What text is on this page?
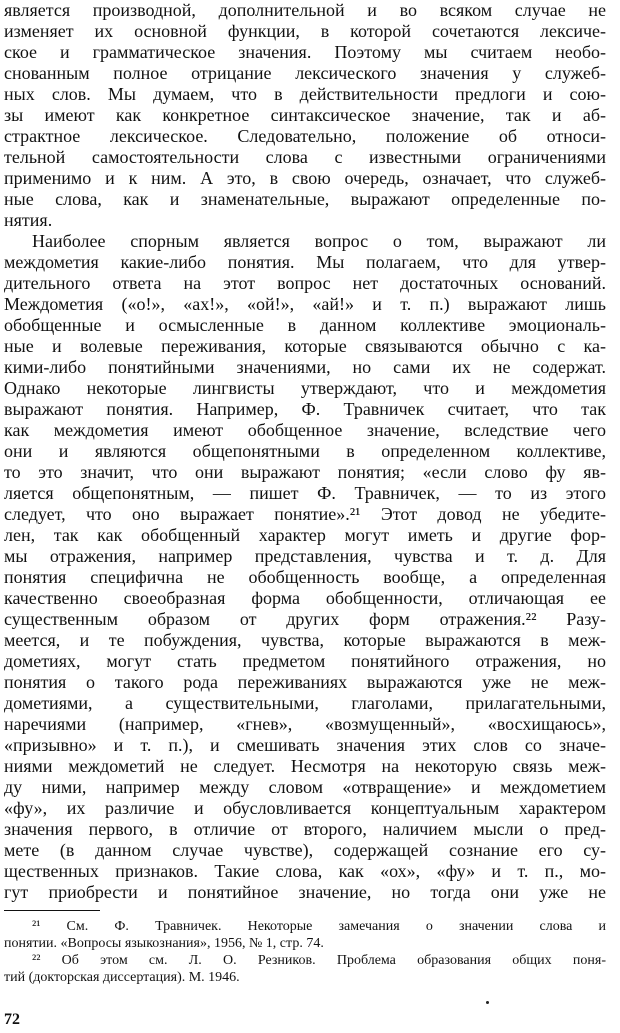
является производной, дополнительной и во всяком случае не
изменяет их основной функции, в которой сочетаются лексиче-
ское и грамматическое значения. Поэтому мы считаем необо-
снованным полное отрицание лексического значения у служеб-
ных слов. Мы думаем, что в действительности предлоги и сою-
зы имеют как конкретное синтаксическое значение, так и аб-
страктное лексическое. Следовательно, положение об относи-
тельной самостоятельности слова с известными ограничениями
применимо и к ним. А это, в свою очередь, означает, что служеб-
ные слова, как и знаменательные, выражают определенные по-
нятия.
Наиболее спорным является вопрос о том, выражают ли
междометия какие-либо понятия. Мы полагаем, что для утвер-
дительного ответа на этот вопрос нет достаточных оснований.
Междометия («о!», «ах!», «ой!», «ай!» и т. п.) выражают лишь
обобщенные и осмысленные в данном коллективе эмоциональ-
ные и волевые переживания, которые связываются обычно с ка-
кими-либо понятийными значениями, но сами их не содержат.
Однако некоторые лингвисты утверждают, что и междометия
выражают понятия. Например, Ф. Травничек считает, что так
как междометия имеют обобщенное значение, вследствие чего
они и являются общепонятными в определенном коллективе,
то это значит, что они выражают понятия; «если слово фу яв-
ляется общепонятным, — пишет Ф. Травничек, — то из этого
следует, что оно выражает понятие».²¹ Этот довод не убедите-
лен, так как обобщенный характер могут иметь и другие фор-
мы отражения, например представления, чувства и т. д. Для
понятия специфична не обобщенность вообще, а определенная
качественно своеобразная форма обобщенности, отличающая ее
существенным образом от других форм отражения.²² Разу-
меется, и те побуждения, чувства, которые выражаются в меж-
дометиях, могут стать предметом понятийного отражения, но
понятия о такого рода переживаниях выражаются уже не меж-
дометиями, а существительными, глаголами, прилагательными,
наречиями (например, «гнев», «возмущенный», «восхищаюсь»,
«призывно» и т. п.), и смешивать значения этих слов со значе-
ниями междометий не следует. Несмотря на некоторую связь меж-
ду ними, например между словом «отвращение» и междометием
«фу», их различие и обусловливается концептуальным характером
значения первого, в отличие от второго, наличием мысли о пред-
мете (в данном случае чувстве), содержащей сознание его су-
щественных признаков. Такие слова, как «ох», «фу» и т. п., мо-
гут приобрести и понятийное значение, но тогда они уже не
²¹ См. Ф. Травничек. Некоторые замечания о значении слова и
понятии. «Вопросы языкознания», 1956, № 1, стр. 74.
²² Об этом см. Л. О. Резников. Проблема образования общих поня-
тий (докторская диссертация). М. 1946.
72
